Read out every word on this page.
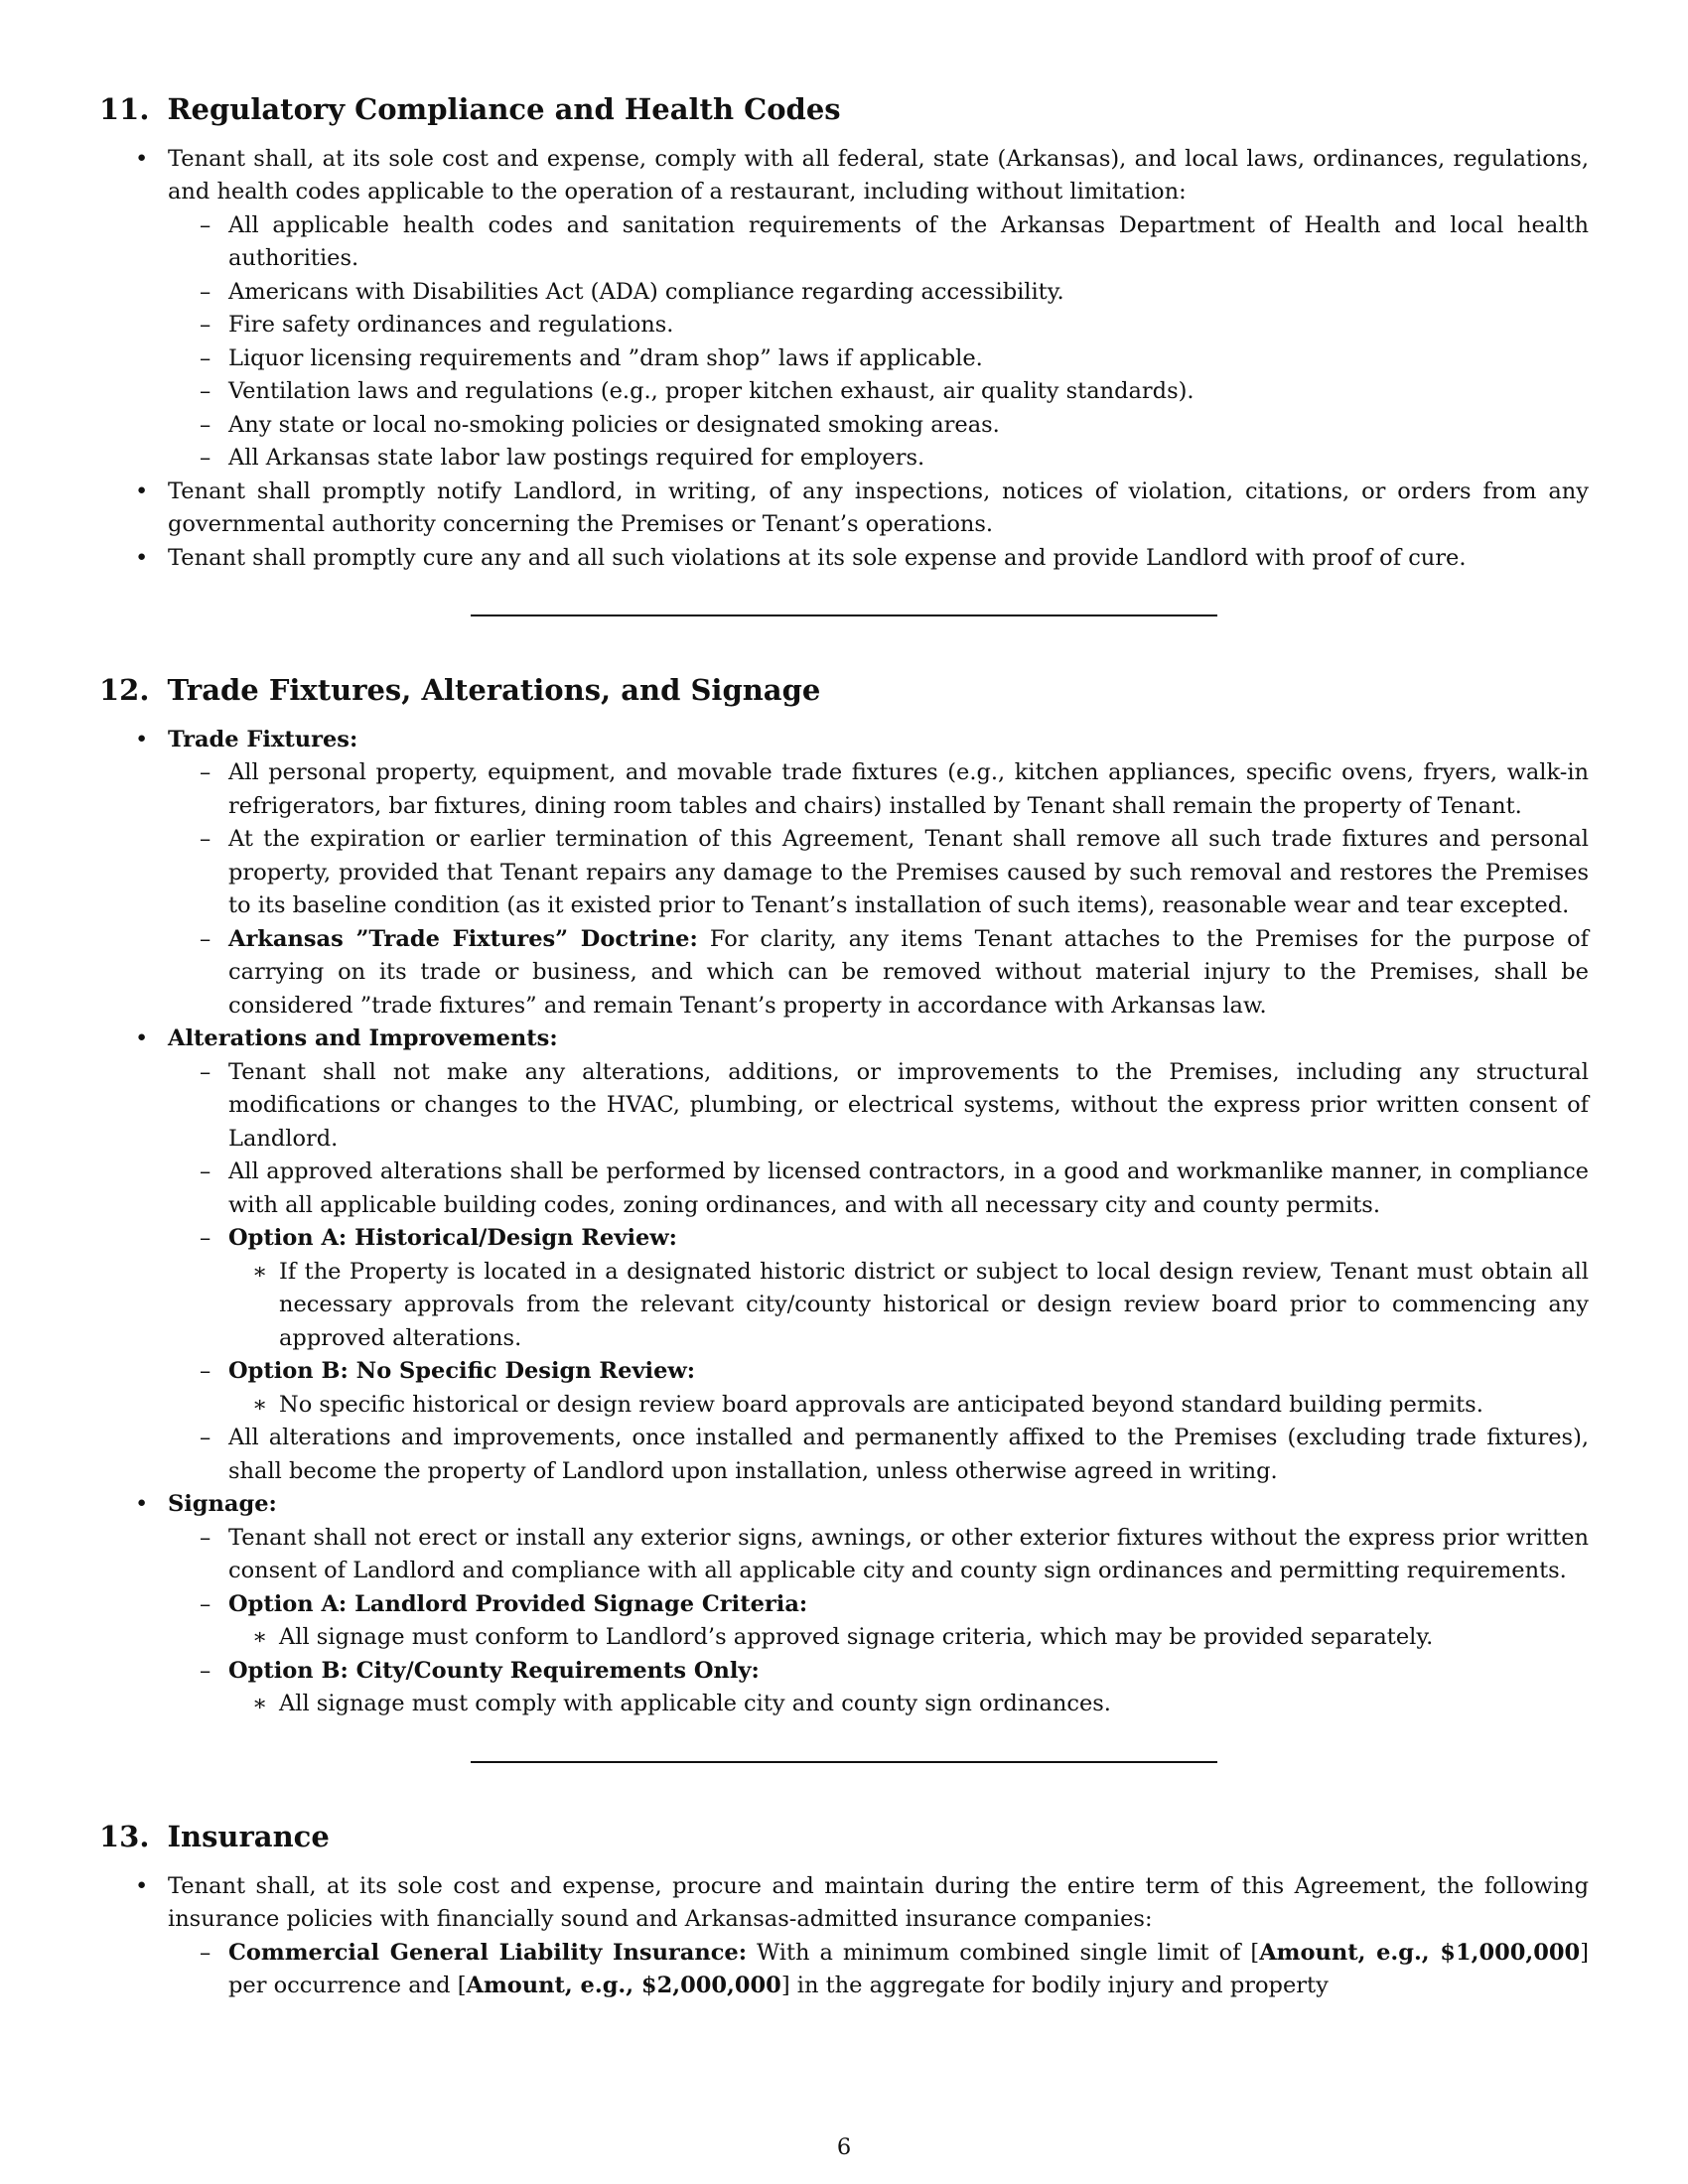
11. Regulatory Compliance and Health Codes
• Tenant shall, at its sole cost and expense, comply with all federal, state (Arkansas), and local laws, ordinances, regulations, and health codes applicable to the operation of a restaurant, including without limitation:
– All applicable health codes and sanitation requirements of the Arkansas Department of Health and local health authorities.
– Americans with Disabilities Act (ADA) compliance regarding accessibility.
– Fire safety ordinances and regulations.
– Liquor licensing requirements and ”dram shop” laws if applicable.
– Ventilation laws and regulations (e.g., proper kitchen exhaust, air quality standards).
– Any state or local no-smoking policies or designated smoking areas.
– All Arkansas state labor law postings required for employers.
• Tenant shall promptly notify Landlord, in writing, of any inspections, notices of violation, citations, or orders from any governmental authority concerning the Premises or Tenant’s operations.
• Tenant shall promptly cure any and all such violations at its sole expense and provide Landlord with proof of cure.
12. Trade Fixtures, Alterations, and Signage
• Trade Fixtures:
– All personal property, equipment, and movable trade fixtures (e.g., kitchen appliances, specific ovens, fryers, walk-in refrigerators, bar fixtures, dining room tables and chairs) installed by Tenant shall remain the property of Tenant.
– At the expiration or earlier termination of this Agreement, Tenant shall remove all such trade fixtures and personal property, provided that Tenant repairs any damage to the Premises caused by such removal and restores the Premises to its baseline condition (as it existed prior to Tenant’s installation of such items), reasonable wear and tear excepted.
– Arkansas ”Trade Fixtures” Doctrine: For clarity, any items Tenant attaches to the Premises for the purpose of carrying on its trade or business, and which can be removed without material injury to the Premises, shall be considered ”trade fixtures” and remain Tenant’s property in accordance with Arkansas law.
• Alterations and Improvements:
– Tenant shall not make any alterations, additions, or improvements to the Premises, including any structural modifications or changes to the HVAC, plumbing, or electrical systems, without the express prior written consent of Landlord.
– All approved alterations shall be performed by licensed contractors, in a good and workmanlike manner, in compliance with all applicable building codes, zoning ordinances, and with all necessary city and county permits.
– Option A: Historical/Design Review:
∗ If the Property is located in a designated historic district or subject to local design review, Tenant must obtain all necessary approvals from the relevant city/county historical or design review board prior to commencing any approved alterations.
– Option B: No Specific Design Review:
∗ No specific historical or design review board approvals are anticipated beyond standard building permits.
– All alterations and improvements, once installed and permanently affixed to the Premises (excluding trade fixtures), shall become the property of Landlord upon installation, unless otherwise agreed in writing.
• Signage:
– Tenant shall not erect or install any exterior signs, awnings, or other exterior fixtures without the express prior written consent of Landlord and compliance with all applicable city and county sign ordinances and permitting requirements.
– Option A: Landlord Provided Signage Criteria:
∗ All signage must conform to Landlord’s approved signage criteria, which may be provided separately.
– Option B: City/County Requirements Only:
∗ All signage must comply with applicable city and county sign ordinances.
13. Insurance
• Tenant shall, at its sole cost and expense, procure and maintain during the entire term of this Agreement, the following insurance policies with financially sound and Arkansas-admitted insurance companies:
– Commercial General Liability Insurance: With a minimum combined single limit of [Amount, e.g., $1,000,000] per occurrence and [Amount, e.g., $2,000,000] in the aggregate for bodily injury and property
6
